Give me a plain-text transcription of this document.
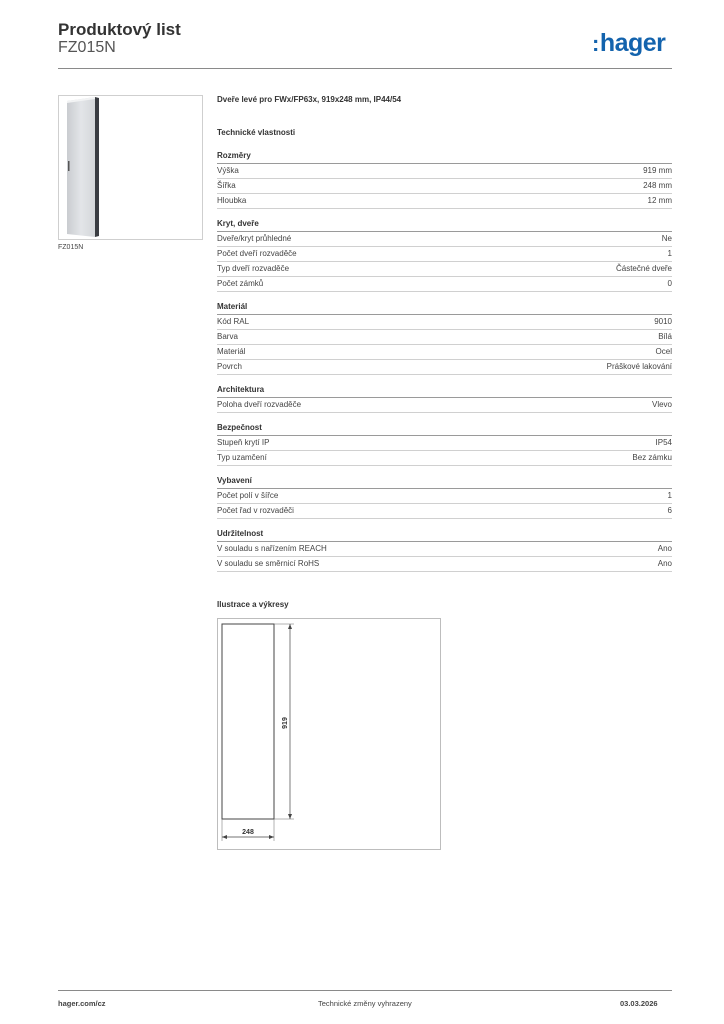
Produktový list
FZ015N	:hager
FZ015N
Dveře levé pro FWx/FP63x, 919x248 mm, IP44/54
Technické vlastnosti
Rozměry
Výška	919 mm
Šířka	248 mm
Hloubka	12 mm
Kryt, dveře
Dveře/kryt průhledné	Ne
Počet dveří rozvaděče	1
Typ dveří rozvaděče	Částečné dveře
Počet zámků	0
Materiál
Kód RAL	9010
Barva	Bílá
Materiál	Ocel
Povrch	Práškové lakování
Architektura
Poloha dveří rozvaděče	Vlevo
Bezpečnost
Stupeň krytí IP	IP54
Typ uzamčení	Bez zámku
Vybavení
Počet polí v šířce	1
Počet řad v rozvaděči	6
Udržitelnost
V souladu s nařízením REACH	Ano
V souladu se směrnicí RoHS	Ano
Ilustrace a výkresy
248
919
hager.com/cz	Technické změny vyhrazeny	03.03.2026
